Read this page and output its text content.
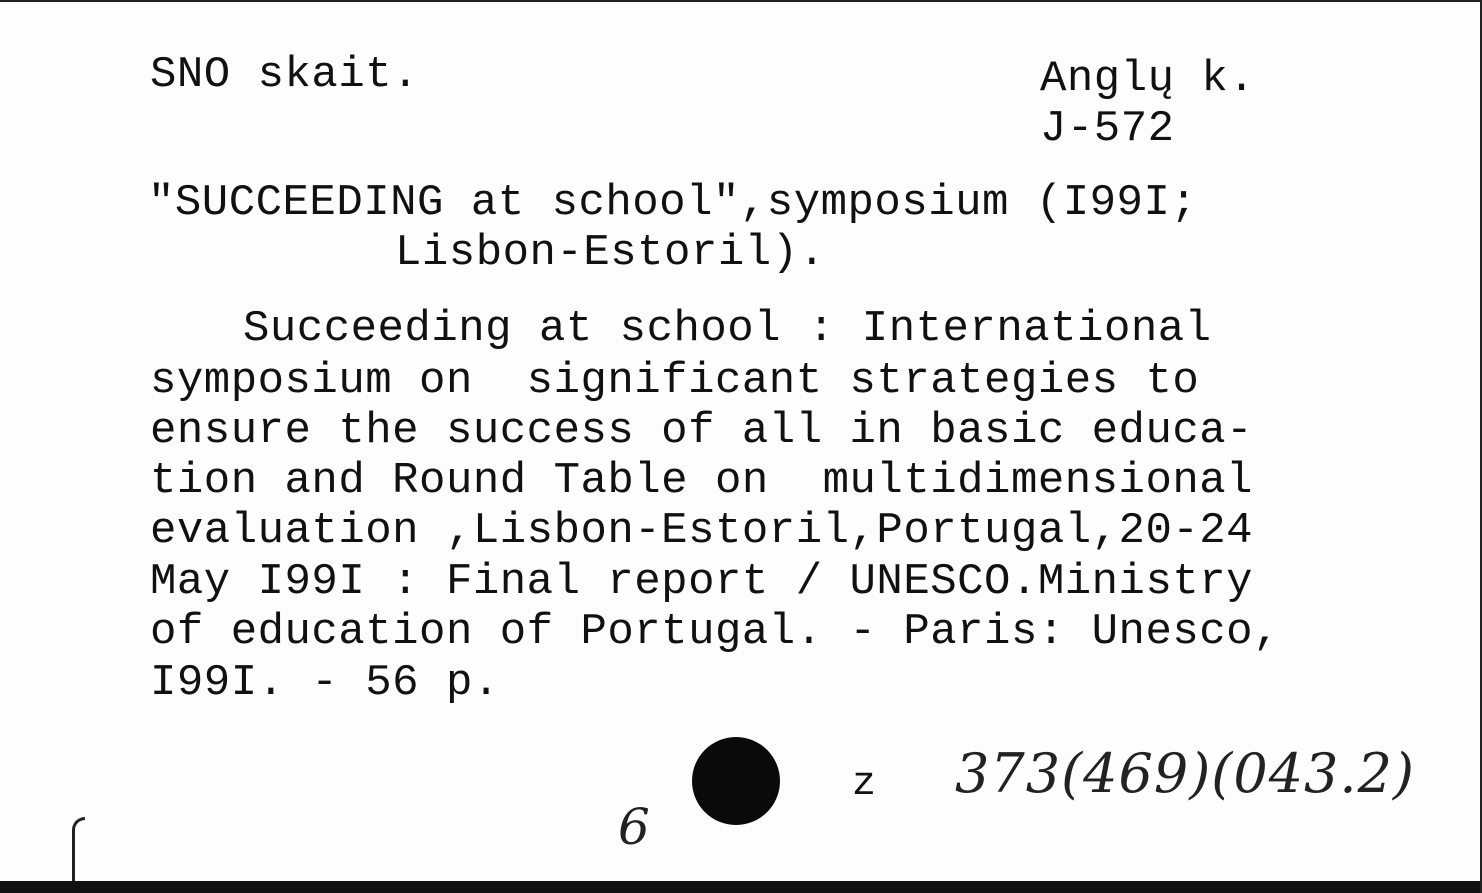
SNO skait.	Anglų k.
J-572
"SUCCEEDING at school",symposium (I99I;
Lisbon-Estoril).
Succeeding at school : International
symposium on  significant strategies to
ensure the success of all in basic educa-
tion and Round Table on  multidimensional
evaluation ,Lisbon-Estoril,Portugal,20-24
May I99I : Final report / UNESCO.Ministry
of education of Portugal. - Paris: Unesco,
I99I. - 56 p.
z 373(469)(043.2)
6
